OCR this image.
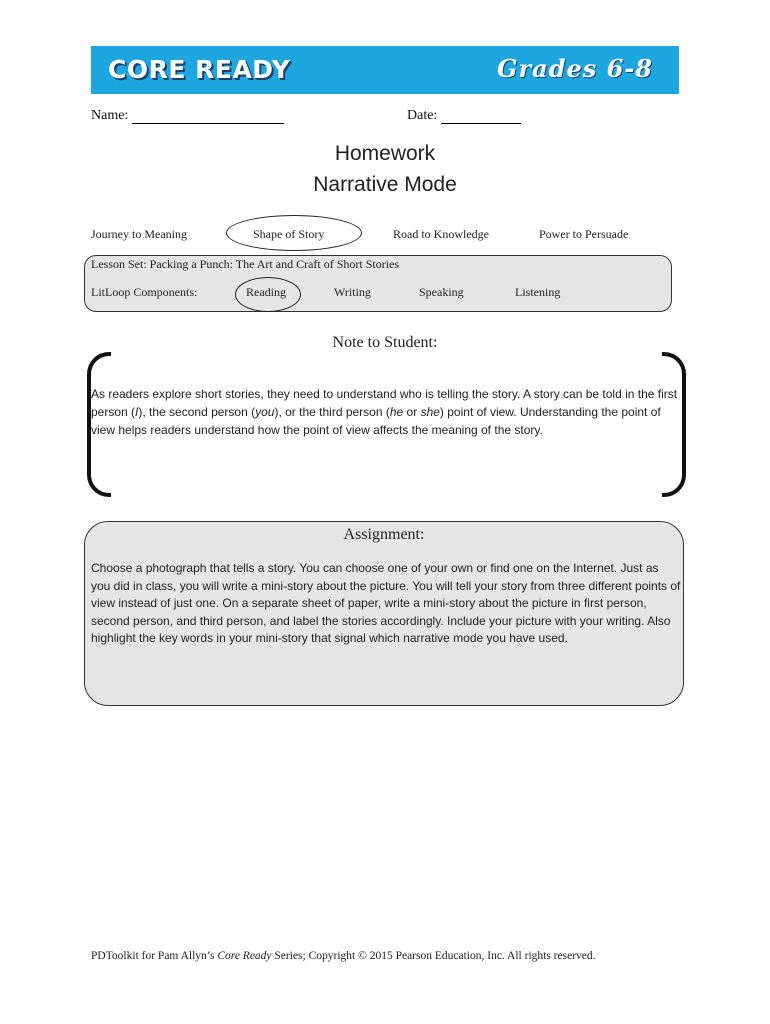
CORE READY	Grades 6-8
Name:	Date:
Homework
Narrative Mode
Journey to Meaning	Shape of Story	Road to Knowledge	Power to Persuade
Lesson Set: Packing a Punch: The Art and Craft of Short Stories
LitLoop Components:	Reading	Writing	Speaking	Listening
Note to Student:
As readers explore short stories, they need to understand who is telling the story. A story can be told in the first person (I), the second person (you), or the third person (he or she) point of view. Understanding the point of view helps readers understand how the point of view affects the meaning of the story.
Assignment:
Choose a photograph that tells a story. You can choose one of your own or find one on the Internet. Just as you did in class, you will write a mini-story about the picture. You will tell your story from three different points of view instead of just one. On a separate sheet of paper, write a mini-story about the picture in first person, second person, and third person, and label the stories accordingly. Include your picture with your writing. Also highlight the key words in your mini-story that signal which narrative mode you have used.
PDToolkit for Pam Allyn’s Core Ready Series; Copyright © 2015 Pearson Education, Inc. All rights reserved.
